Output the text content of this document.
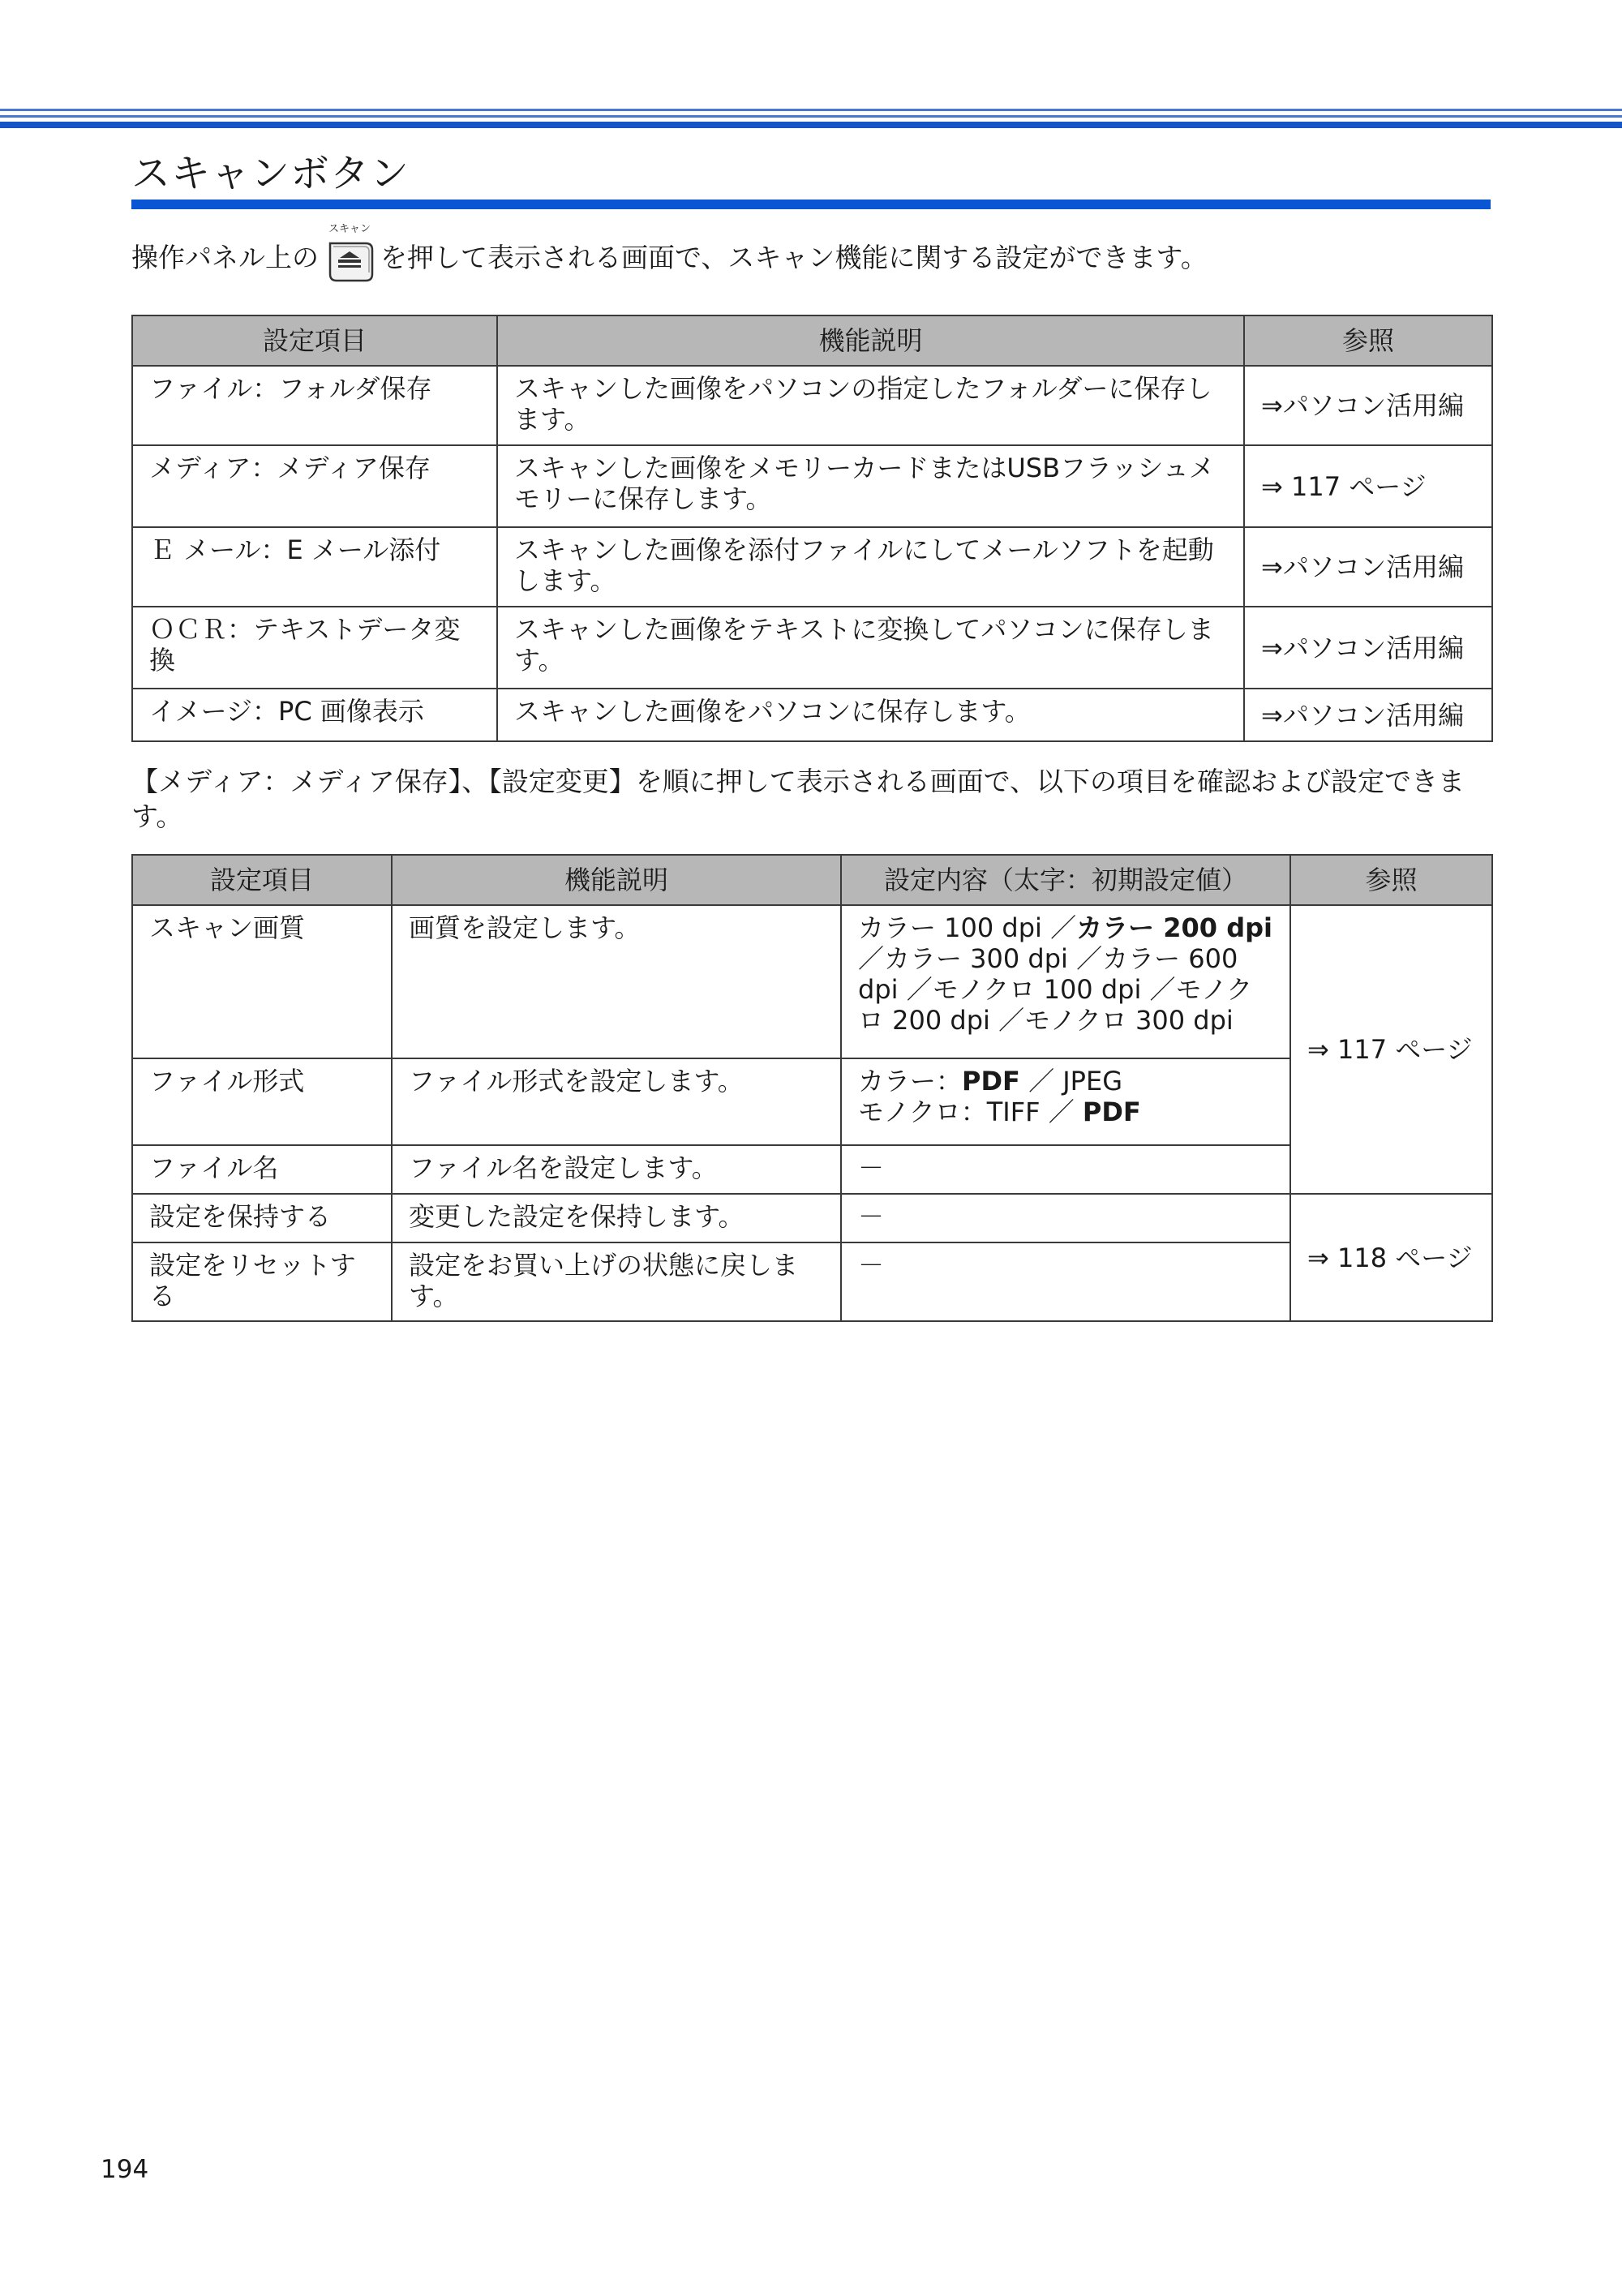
スキャンボタン
操作パネル上の
スキャン
を押して表示される画面で、スキャン機能に関する設定ができます。
設定項目	機能説明	参照
ファイル：フォルダ保存	スキャンした画像をパソコンの指定したフォルダーに保存します。	⇒パソコン活用編
メディア：メディア保存	スキャンした画像をメモリーカードまたはUSBフラッシュメモリーに保存します。	⇒ 117 ページ
Ｅ メール：E メール添付	スキャンした画像を添付ファイルにしてメールソフトを起動します。	⇒パソコン活用編
ＯＣＲ：テキストデータ変換	スキャンした画像をテキストに変換してパソコンに保存します。	⇒パソコン活用編
イメージ：PC 画像表示	スキャンした画像をパソコンに保存します。	⇒パソコン活用編

【メディア：メディア保存】、【設定変更】を順に押して表示される画面で、以下の項目を確認および設定できます。

設定項目	機能説明	設定内容（太字：初期設定値）	参照
スキャン画質	画質を設定します。	カラー 100 dpi ／カラー 200 dpi ／カラー 300 dpi ／カラー 600 dpi ／モノクロ 100 dpi ／モノクロ 200 dpi ／モノクロ 300 dpi	⇒ 117 ページ
ファイル形式	ファイル形式を設定します。	カラー：PDF ／ JPEG
モノクロ：TIFF ／ PDF	

ファイル名	ファイル名を設定します。	－	
設定を保持する	変更した設定を保持します。	－	⇒ 118 ページ
設定をリセットする	設定をお買い上げの状態に戻します。	－	
194
